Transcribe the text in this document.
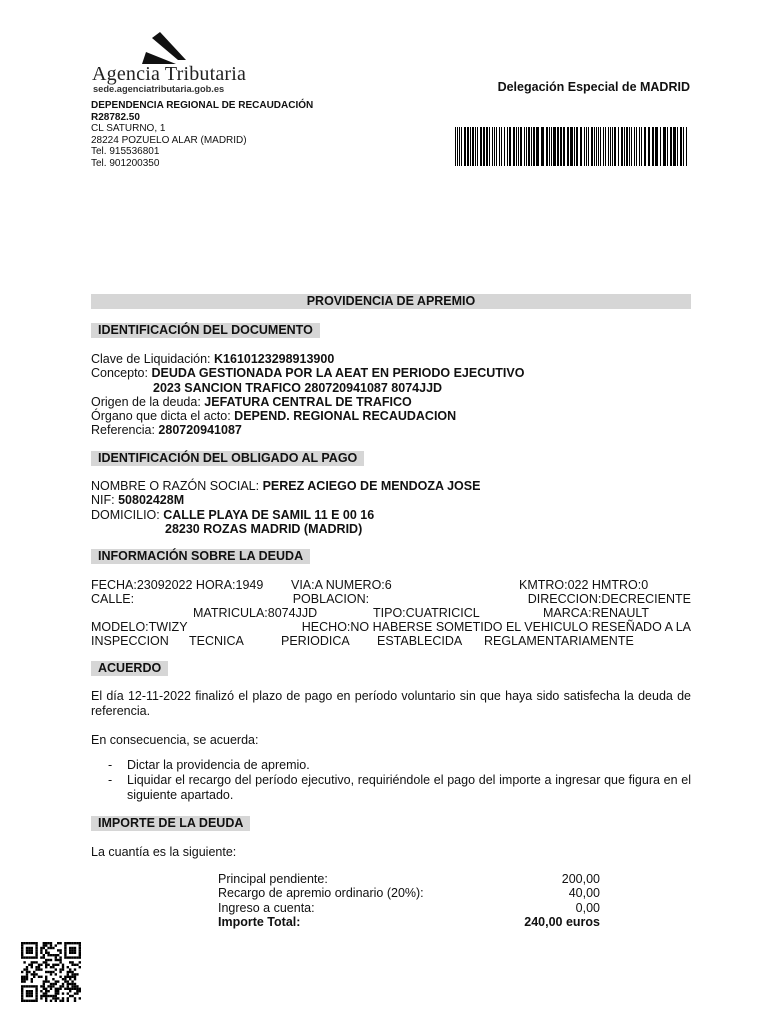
Agencia Tributaria
sede.agenciatributaria.gob.es	Delegación Especial de MADRID
DEPENDENCIA REGIONAL DE RECAUDACIÓN
R28782.50
CL SATURNO, 1
28224 POZUELO ALAR (MADRID)
Tel. 915536801
Tel. 901200350
PROVIDENCIA DE APREMIO
IDENTIFICACIÓN DEL DOCUMENTO
Clave de Liquidación: K1610123298913900
Concepto: DEUDA GESTIONADA POR LA AEAT EN PERIODO EJECUTIVO
2023 SANCION TRAFICO 280720941087 8074JJD
Origen de la deuda: JEFATURA CENTRAL DE TRAFICO
Órgano que dicta el acto: DEPEND. REGIONAL RECAUDACION
Referencia: 280720941087
IDENTIFICACIÓN DEL OBLIGADO AL PAGO
NOMBRE O RAZÓN SOCIAL: PEREZ ACIEGO DE MENDOZA JOSE
NIF: 50802428M
DOMICILIO: CALLE PLAYA DE SAMIL 11 E 00 16
28230 ROZAS MADRID (MADRID)
INFORMACIÓN SOBRE LA DEUDA
FECHA:23092022 HORA:1949	VIA:A NUMERO:6	KMTRO:022 HMTRO:0
CALLE:	POBLACION:	DIRECCION:DECRECIENTE
MATRICULA:8074JJD	TIPO:CUATRICICL	MARCA:RENAULT
MODELO:TWIZY	HECHO:NO HABERSE SOMETIDO EL VEHICULO RESEÑADO A LA
INSPECCION	TECNICA	PERIODICA	ESTABLECIDA	REGLAMENTARIAMENTE
ACUERDO
El día 12-11-2022 finalizó el plazo de pago en período voluntario sin que haya sido satisfecha la deuda de referencia.
En consecuencia, se acuerda:
-	Dictar la providencia de apremio.
-	Liquidar el recargo del período ejecutivo, requiriéndole el pago del importe a ingresar que figura en el siguiente apartado.
IMPORTE DE LA DEUDA
La cuantía es la siguiente:
Principal pendiente:	200,00
Recargo de apremio ordinario (20%):	40,00
Ingreso a cuenta:	0,00
Importe Total:	240,00 euros
